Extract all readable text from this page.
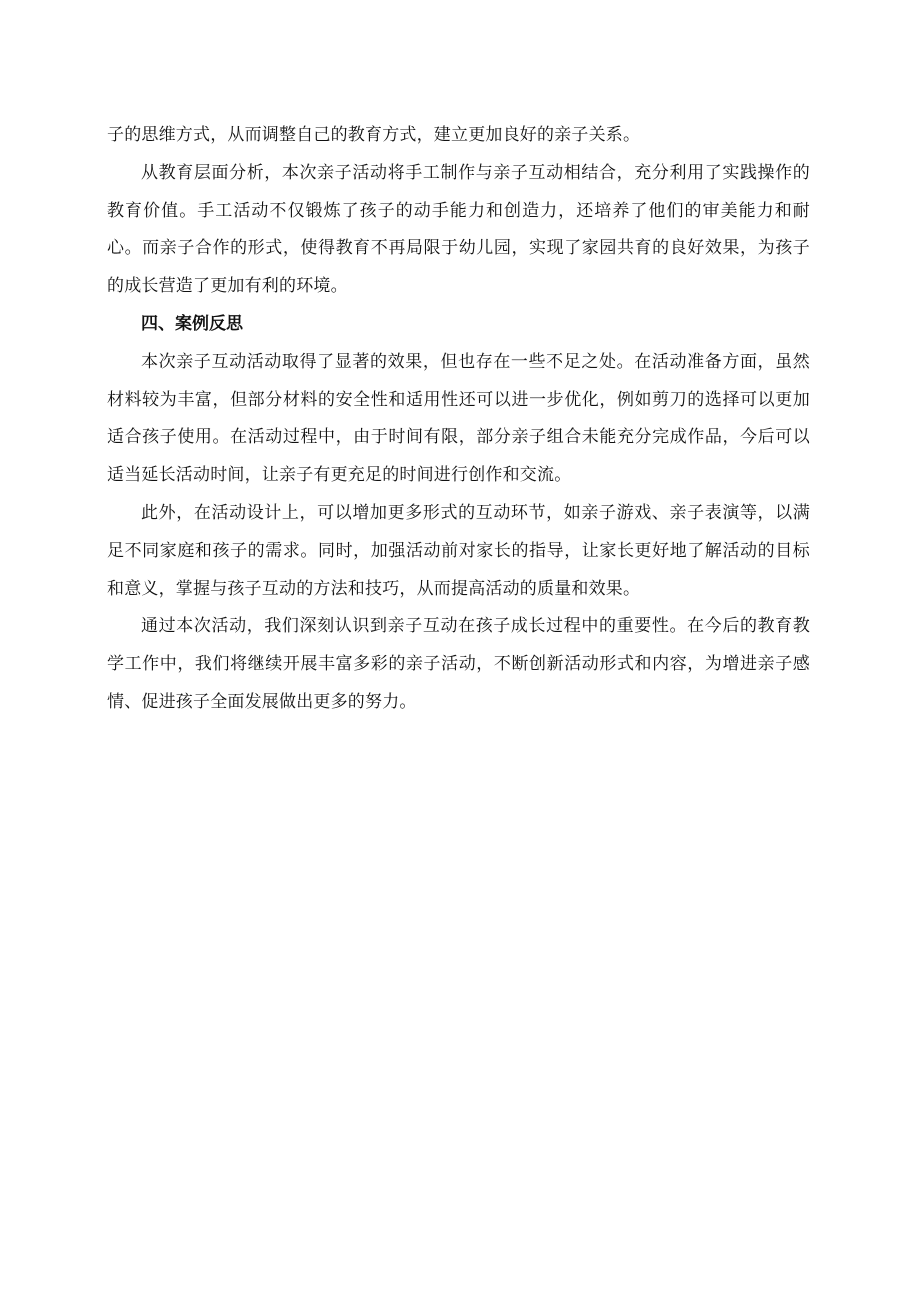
子的思维方式，从而调整自己的教育方式，建立更加良好的亲子关系。

从教育层面分析，本次亲子活动将手工制作与亲子互动相结合，充分利用了实践操作的教育价值。手工活动不仅锻炼了孩子的动手能力和创造力，还培养了他们的审美能力和耐心。而亲子合作的形式，使得教育不再局限于幼儿园，实现了家园共育的良好效果，为孩子的成长营造了更加有利的环境。

四、案例反思

本次亲子互动活动取得了显著的效果，但也存在一些不足之处。在活动准备方面，虽然材料较为丰富，但部分材料的安全性和适用性还可以进一步优化，例如剪刀的选择可以更加适合孩子使用。在活动过程中，由于时间有限，部分亲子组合未能充分完成作品，今后可以适当延长活动时间，让亲子有更充足的时间进行创作和交流。

此外，在活动设计上，可以增加更多形式的互动环节，如亲子游戏、亲子表演等，以满足不同家庭和孩子的需求。同时，加强活动前对家长的指导，让家长更好地了解活动的目标和意义，掌握与孩子互动的方法和技巧，从而提高活动的质量和效果。

通过本次活动，我们深刻认识到亲子互动在孩子成长过程中的重要性。在今后的教育教学工作中，我们将继续开展丰富多彩的亲子活动，不断创新活动形式和内容，为增进亲子感情、促进孩子全面发展做出更多的努力。
